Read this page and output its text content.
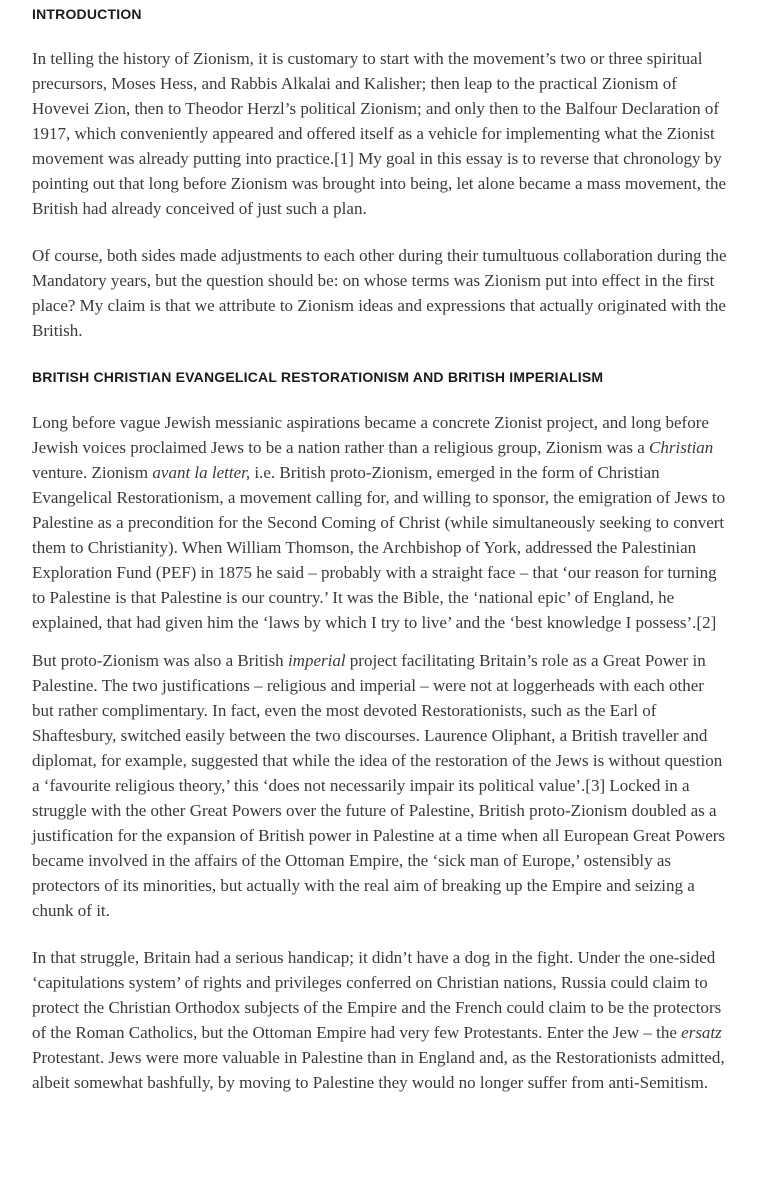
INTRODUCTION

In telling the history of Zionism, it is customary to start with the movement’s two or three spiritual precursors, Moses Hess, and Rabbis Alkalai and Kalisher; then leap to the practical Zionism of Hovevei Zion, then to Theodor Herzl’s political Zionism; and only then to the Balfour Declaration of 1917, which conveniently appeared and offered itself as a vehicle for implementing what the Zionist movement was already putting into practice.[1] My goal in this essay is to reverse that chronology by pointing out that long before Zionism was brought into being, let alone became a mass movement, the British had already conceived of just such a plan.

Of course, both sides made adjustments to each other during their tumultuous collaboration during the Mandatory years, but the question should be: on whose terms was Zionism put into effect in the first place? My claim is that we attribute to Zionism ideas and expressions that actually originated with the British.

BRITISH CHRISTIAN EVANGELICAL RESTORATIONISM AND BRITISH IMPERIALISM

Long before vague Jewish messianic aspirations became a concrete Zionist project, and long before Jewish voices proclaimed Jews to be a nation rather than a religious group, Zionism was a Christian venture. Zionism avant la letter, i.e. British proto-Zionism, emerged in the form of Christian Evangelical Restorationism, a movement calling for, and willing to sponsor, the emigration of Jews to Palestine as a precondition for the Second Coming of Christ (while simultaneously seeking to convert them to Christianity). When William Thomson, the Archbishop of York, addressed the Palestinian Exploration Fund (PEF) in 1875 he said – probably with a straight face – that ‘our reason for turning to Palestine is that Palestine is our country.’ It was the Bible, the ‘national epic’ of England, he explained, that had given him the ‘laws by which I try to live’ and the ‘best knowledge I possess’.[2]

But proto-Zionism was also a British imperial project facilitating Britain’s role as a Great Power in Palestine. The two justifications – religious and imperial – were not at loggerheads with each other but rather complimentary. In fact, even the most devoted Restorationists, such as the Earl of Shaftesbury, switched easily between the two discourses. Laurence Oliphant, a British traveller and diplomat, for example, suggested that while the idea of the restoration of the Jews is without question a ‘favourite religious theory,’ this ‘does not necessarily impair its political value’.[3] Locked in a struggle with the other Great Powers over the future of Palestine, British proto-Zionism doubled as a justification for the expansion of British power in Palestine at a time when all European Great Powers became involved in the affairs of the Ottoman Empire, the ‘sick man of Europe,’ ostensibly as protectors of its minorities, but actually with the real aim of breaking up the Empire and seizing a chunk of it.

In that struggle, Britain had a serious handicap; it didn’t have a dog in the fight. Under the one-sided ‘capitulations system’ of rights and privileges conferred on Christian nations, Russia could claim to protect the Christian Orthodox subjects of the Empire and the French could claim to be the protectors of the Roman Catholics, but the Ottoman Empire had very few Protestants. Enter the Jew – the ersatz Protestant. Jews were more valuable in Palestine than in England and, as the Restorationists admitted, albeit somewhat bashfully, by moving to Palestine they would no longer suffer from anti-Semitism.
